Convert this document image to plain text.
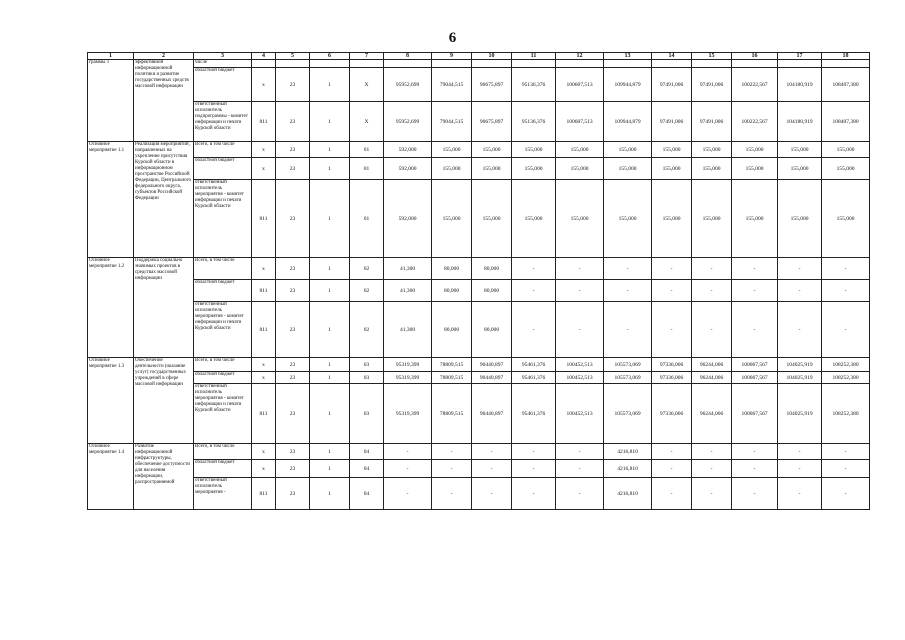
6
1	2	3	4	5	6	7	8	9	10	11	12	13	14	15	16	17	18
граммы 1	эффективной информационной политики и развитие государственных средств массовой информации	числе															
		областной бюджет	х	23	1	Х	95952,699	79044,515	90675,897	95136,376	100607,513	109944,879	97491,006	97491,006	100222,567	104180,919	108407,380
		ответственный исполнитель подпрограммы - комитет информации и печати Курской области	811	23	1	Х	95952,699	79044,515	90675,897	95136,376	100607,513	109944,879	97491,006	97491,006	100222,567	104180,919	108407,380
Основное мероприятие 1.1	Реализация мероприятий, направленных на укрепление присутствия Курской области в информационном пространстве Российской Федерации, Центрального федерального округа, субъектов Российской Федерации	Всего, в том числе	х	23	1	01	592,000	155,000	155,000	155,000	155,000	155,000	155,000	155,000	155,000	155,000	155,000
		областной бюджет	х	23	1	01	592,000	155,000	155,000	155,000	155,000	155,000	155,000	155,000	155,000	155,000	155,000
		ответственный исполнитель мероприятия - комитет информации и печати Курской области	811	23	1	01	592,000	155,000	155,000	155,000	155,000	155,000	155,000	155,000	155,000	155,000	155,000
Основное мероприятие 1.2	Поддержка социально значимых проектов в средствах массовой информации	Всего, в том числе	х	23	1	02	41,300	80,000	80,000	-	-	-	-	-	-	-	-
		областной бюджет	811	23	1	02	41,300	80,000	80,000	-	-	-	-	-	-	-	-
		ответственный исполнитель мероприятия - комитет информации и печати Курской области	811	23	1	02	41,300	80,000	80,000	-	-	-	-	-	-	-	-
Основное мероприятие 1.3	Обеспечение деятельности (оказание услуг) государственных учреждений в сфере массовой информации	Всего, в том числе	х	23	1	03	95319,399	78809,515	90440,897	95461,376	100452,513	105573,069	97336,006	96244,006	100067,567	104025,919	108252,380
		областной бюджет	х	23	1	03	95319,399	78809,515	90440,897	95461,376	100452,513	105573,069	97336,006	96244,006	100067,567	104025,919	108252,380
		ответственный исполнитель мероприятия - комитет информации и печати Курской области	811	23	1	03	95319,399	78809,515	90440,897	95461,376	100452,513	105573,069	97336,006	96244,006	100067,567	104025,919	108252,380
Основное мероприятие 1.4	Развитие информационной инфраструктуры, обеспечение доступности для населения информации, распространяемой	Всего, в том числе	х	23	1	04	-	-	-	-	-	4216,810	-	-	-	-	-
		областной бюджет	х	23	1	04	-	-	-	-	-	4216,810	-	-	-	-	-
		ответственный исполнитель мероприятия -	811	23	1	04	-	-	-	-	-	4216,810	-	-	-	-	-
